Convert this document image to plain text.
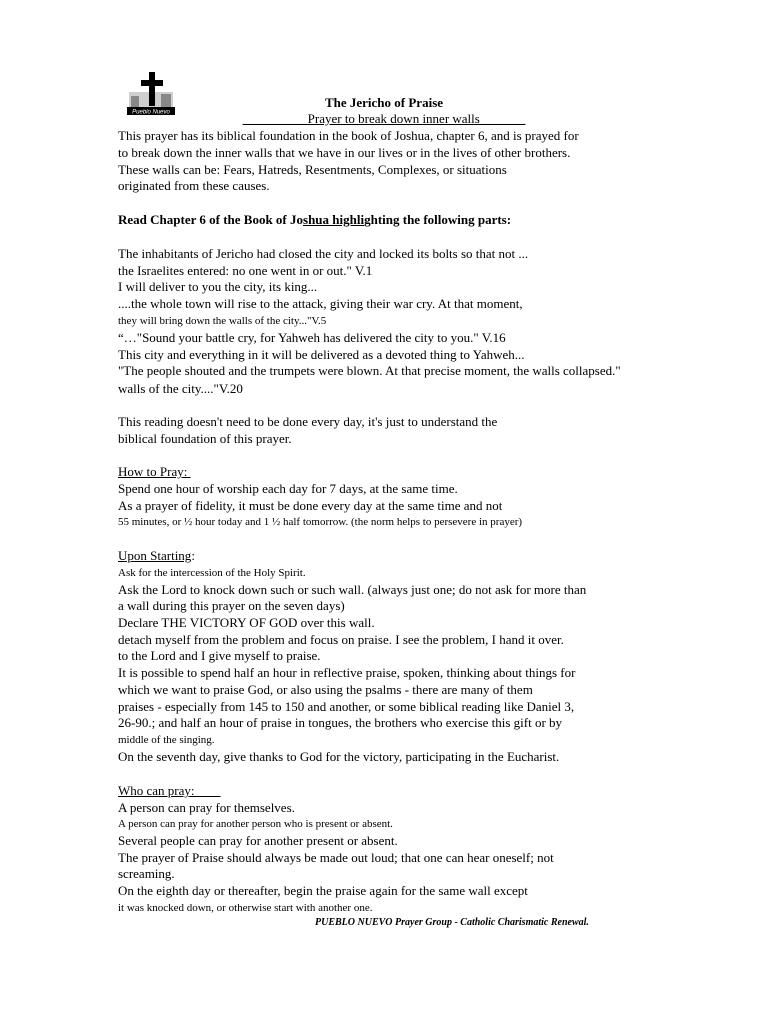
Pueblo Nuevo
The Jericho of Praise
__________Prayer to break down inner walls_______
This prayer has its biblical foundation in the book of Joshua, chapter 6, and is prayed for
to break down the inner walls that we have in our lives or in the lives of other brothers.
These walls can be: Fears, Hatreds, Resentments, Complexes, or situations
originated from these causes.
Read Chapter 6 of the Book of Joshua highlighting the following parts:
The inhabitants of Jericho had closed the city and locked its bolts so that not ...
the Israelites entered: no one went in or out." V.1
I will deliver to you the city, its king...
....the whole town will rise to the attack, giving their war cry. At that moment,
they will bring down the walls of the city..."V.5
“…"Sound your battle cry, for Yahweh has delivered the city to you." V.16
This city and everything in it will be delivered as a devoted thing to Yahweh...
"The people shouted and the trumpets were blown. At that precise moment, the walls collapsed."
walls of the city...."V.20
This reading doesn't need to be done every day, it's just to understand the
biblical foundation of this prayer.
How to Pray:
Spend one hour of worship each day for 7 days, at the same time.
As a prayer of fidelity, it must be done every day at the same time and not
55 minutes, or ½ hour today and 1 ½ half tomorrow. (the norm helps to persevere in prayer)
Upon Starting:
Ask for the intercession of the Holy Spirit.
Ask the Lord to knock down such or such wall. (always just one; do not ask for more than
a wall during this prayer on the seven days)
Declare THE VICTORY OF GOD over this wall.
detach myself from the problem and focus on praise. I see the problem, I hand it over.
to the Lord and I give myself to praise.
It is possible to spend half an hour in reflective praise, spoken, thinking about things for
which we want to praise God, or also using the psalms - there are many of them
praises - especially from 145 to 150 and another, or some biblical reading like Daniel 3,
26-90.; and half an hour of praise in tongues, the brothers who exercise this gift or by
middle of the singing.
On the seventh day, give thanks to God for the victory, participating in the Eucharist.
Who can pray:
A person can pray for themselves.
A person can pray for another person who is present or absent.
Several people can pray for another present or absent.
The prayer of Praise should always be made out loud; that one can hear oneself; not
screaming.
On the eighth day or thereafter, begin the praise again for the same wall except
it was knocked down, or otherwise start with another one.
PUEBLO NUEVO Prayer Group - Catholic Charismatic Renewal.
